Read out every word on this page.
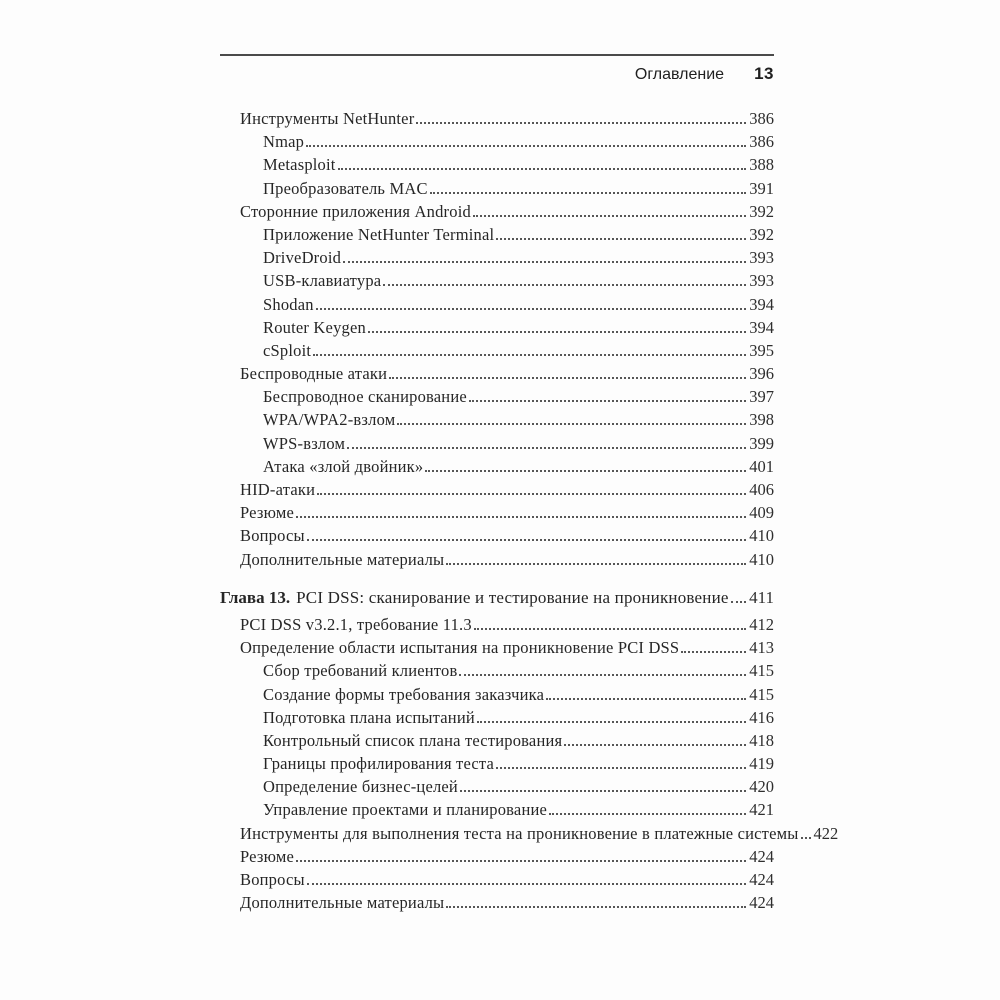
Оглавление 13
Инструменты NetHunter	386
Nmap	386
Metasploit	388
Преобразователь MAC	391
Сторонние приложения Android	392
Приложение NetHunter Terminal	392
DriveDroid	393
USB-клавиатура	393
Shodan	394
Router Keygen	394
cSploit	395
Беспроводные атаки	396
Беспроводное сканирование	397
WPA/WPA2-взлом	398
WPS-взлом	399
Атака «злой двойник»	401
HID-атаки	406
Резюме	409
Вопросы	410
Дополнительные материалы	410
Глава 13. PCI DSS: сканирование и тестирование на проникновение 411
PCI DSS v3.2.1, требование 11.3	412
Определение области испытания на проникновение PCI DSS	413
Сбор требований клиентов	415
Создание формы требования заказчика	415
Подготовка плана испытаний	416
Контрольный список плана тестирования	418
Границы профилирования теста	419
Определение бизнес-целей	420
Управление проектами и планирование	421
Инструменты для выполнения теста на проникновение в платежные системы 422
Резюме	424
Вопросы	424
Дополнительные материалы	424
